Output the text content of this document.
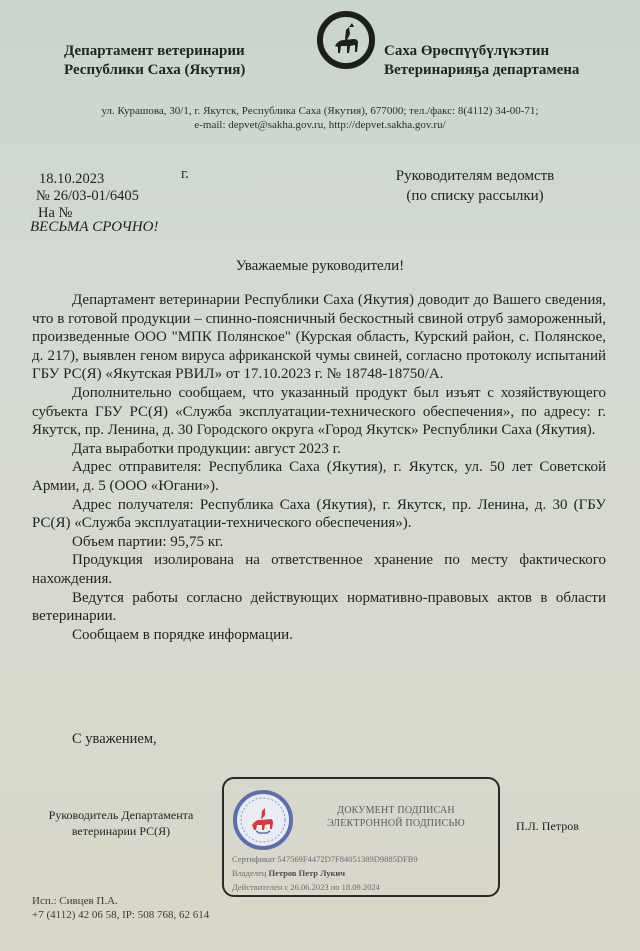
Департамент ветеринарии
Республики Саха (Якутия)
Саха Өрөспүүбүлүкэтин
Ветеринарияҕа департамена
ул. Курашова, 30/1, г. Якутск, Республика Саха (Якутия), 677000; тел./факс: 8(4112) 34-00-71;
e-mail: depvet@sakha.gov.ru, http://depvet.sakha.gov.ru/
18.10.2023	г.
№ 26/03-01/6405
На №
ВЕСЬМА СРОЧНО!
Руководителям ведомств
(по списку рассылки)
Уважаемые руководители!

Департамент ветеринарии Республики Саха (Якутия) доводит до Вашего сведения, что в готовой продукции – спинно-поясничный бескостный свиной отруб замороженный, произведенные ООО "МПК Полянское" (Курская область, Курский район, с. Полянское, д. 217), выявлен геном вируса африканской чумы свиней, согласно протоколу испытаний ГБУ РС(Я) «Якутская РВИЛ» от 17.10.2023 г. № 18748-18750/А.

Дополнительно сообщаем, что указанный продукт был изъят с хозяйствующего субъекта ГБУ РС(Я) «Служба эксплуатации-технического обеспечения», по адресу: г. Якутск, пр. Ленина, д. 30 Городского округа «Город Якутск» Республики Саха (Якутия).

Дата выработки продукции: август 2023 г.

Адрес отправителя: Республика Саха (Якутия), г. Якутск, ул. 50 лет Советской Армии, д. 5 (ООО «Югани»).

Адрес получателя: Республика Саха (Якутия), г. Якутск, пр. Ленина, д. 30 (ГБУ РС(Я) «Служба эксплуатации-технического обеспечения»).

Объем партии: 95,75 кг.

Продукция изолирована на ответственное хранение по месту фактического нахождения.

Ведутся работы согласно действующих нормативно-правовых актов в области ветеринарии.

Сообщаем в порядке информации.

С уважением,
Руководитель Департамента
ветеринарии РС(Я)
ДОКУМЕНТ ПОДПИСАН
ЭЛЕКТРОННОЙ ПОДПИСЬЮ
Сертификат 547569F4472D7F84051389D9885DFB9
Владелец Петров Петр Лукич
Действителен с 26.06.2023 по 18.09.2024
П.Л. Петров
Исп.: Сивцев П.А.
+7 (4112) 42 06 58, IP: 508 768, 62 614
